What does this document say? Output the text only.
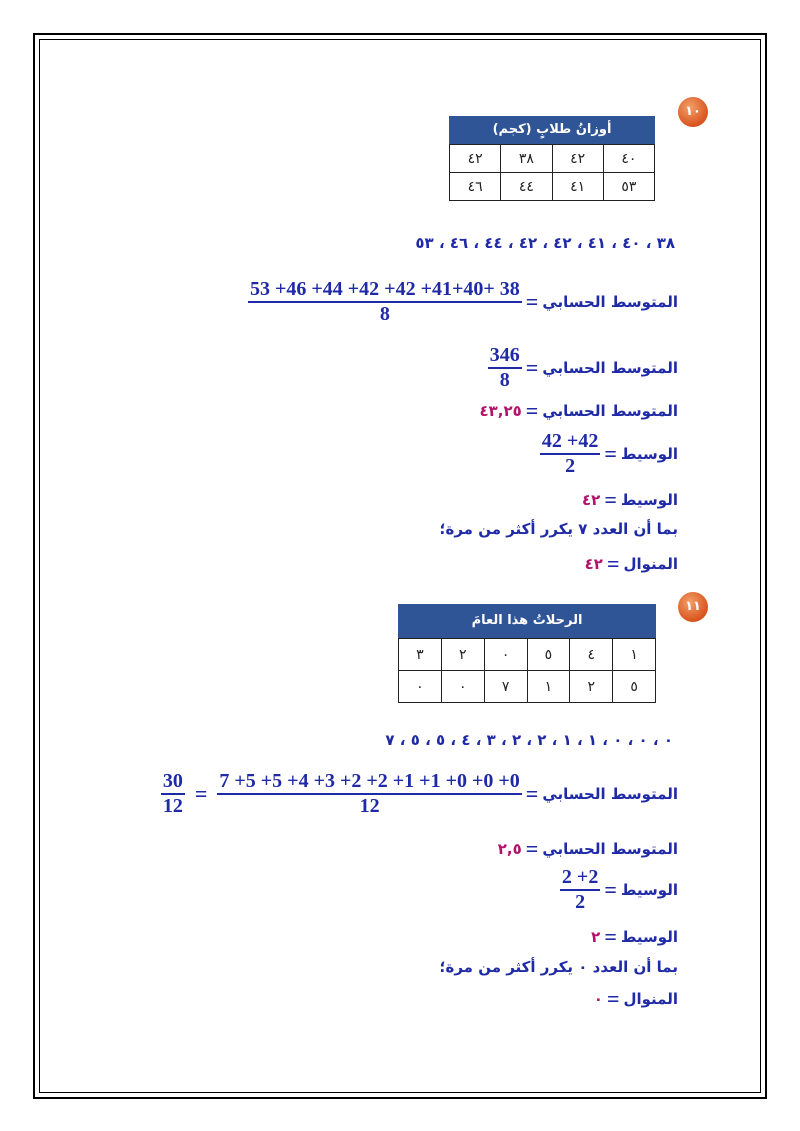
١٠
أوزانُ طلابٍ (كجم)
٤٠	٤٢	٣٨	٤٢
٥٣	٤١	٤٤	٤٦
٣٨ ، ٤٠ ، ٤١ ، ٤٢ ، ٤٢ ، ٤٤ ، ٤٦ ، ٥٣
$\frac{53 +46 +44 +42 +42 +41+40+ 38}{8}$ = المتوسط الحسابي
$\frac{346}{8}$ = المتوسط الحسابي
٤٣,٢٥ = المتوسط الحسابي
$\frac{42 +42}{2}$ = الوسيط
٤٢ = الوسيط
بما أن العدد ٧ يكرر أكثر من مرة؛
٤٢ = المنوال
١١
الرحلاتُ هذا العامَ
١	٤	٥	٠	٢	٣
٥	٢	١	٧	٠	٠
٠ ، ٠ ، ٠ ، ١ ، ١ ، ٢ ، ٢ ، ٣ ، ٤ ، ٥ ، ٥ ، ٧
$\frac{30}{12} = \frac{7 +5 +5 +4 +3 +2 +2 +1 +1 +0 +0 +0}{12}$ = المتوسط الحسابي
٢,٥ = المتوسط الحسابي
$\frac{2 +2}{2}$ = الوسيط
٢ = الوسيط
بما أن العدد ٠ يكرر أكثر من مرة؛
٠ = المنوال
